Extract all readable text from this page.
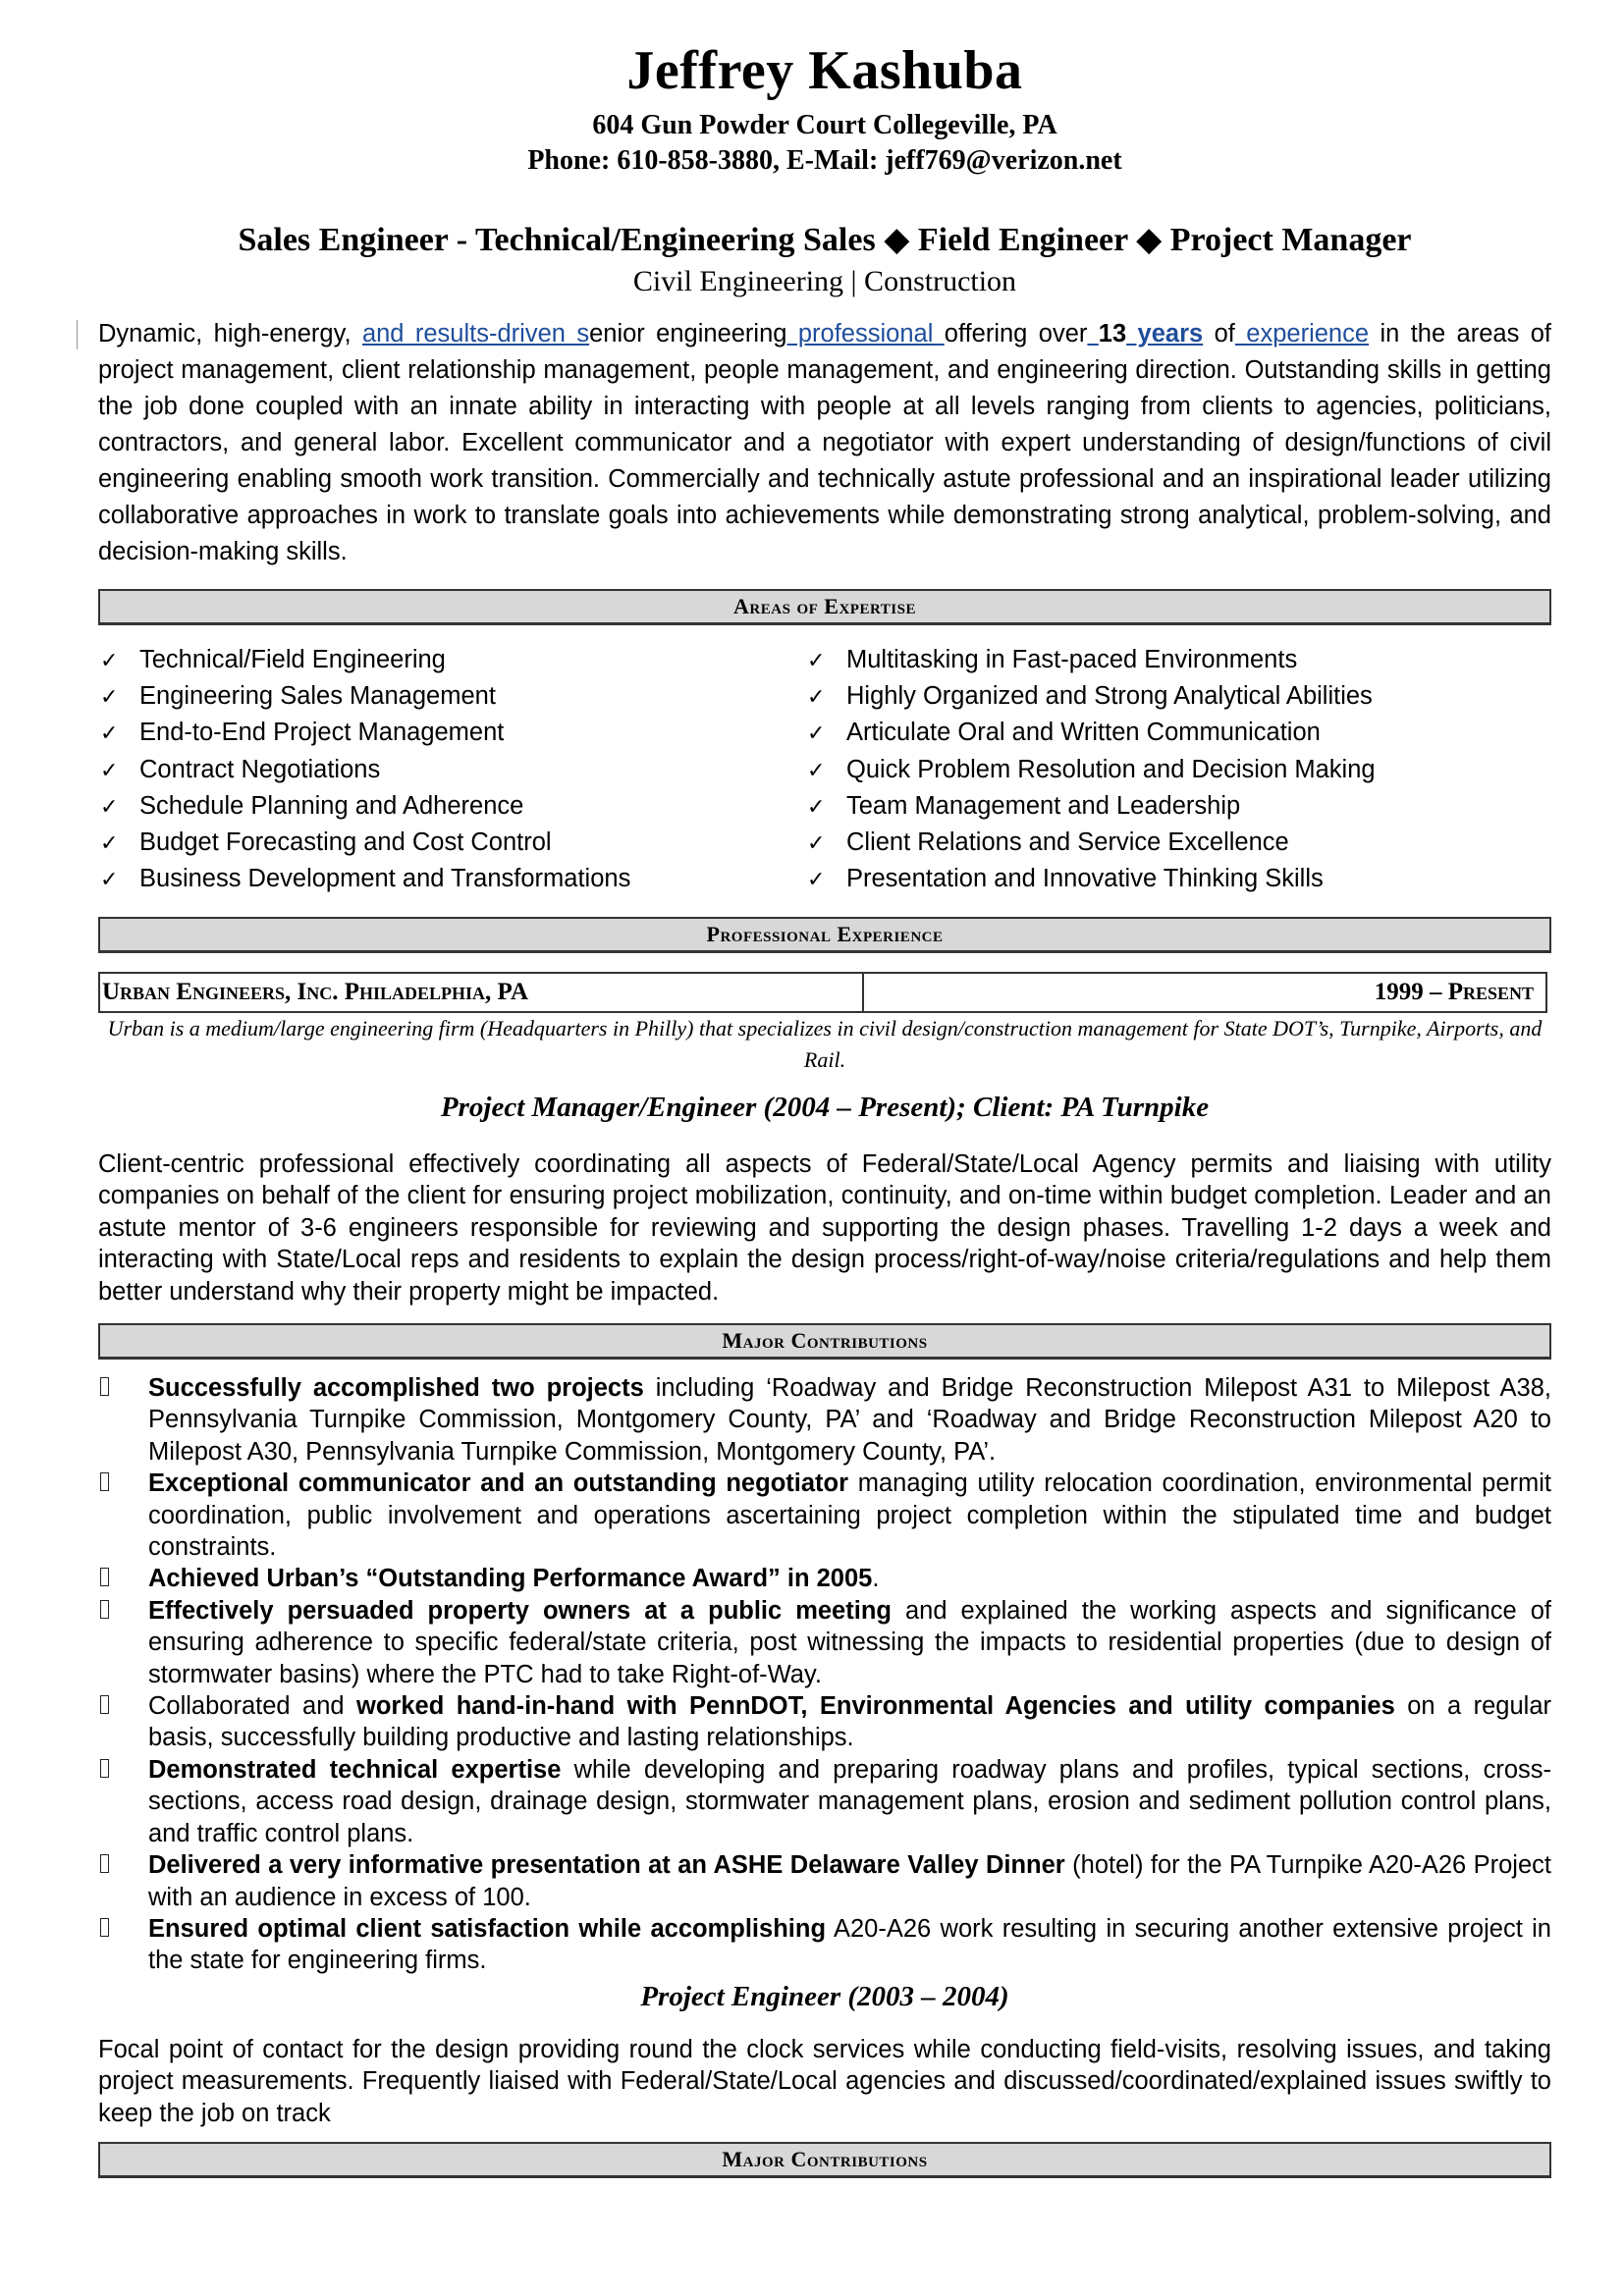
Jeffrey Kashuba
604 Gun Powder Court Collegeville, PA
Phone: 610-858-3880, E-Mail: jeff769@verizon.net
Sales Engineer - Technical/Engineering Sales ◆ Field Engineer ◆ Project Manager
Civil Engineering | Construction
Dynamic, high-energy, and results-driven senior engineering professional offering over 13 years of experience in the areas of project management, client relationship management, people management, and engineering direction. Outstanding skills in getting the job done coupled with an innate ability in interacting with people at all levels ranging from clients to agencies, politicians, contractors, and general labor. Excellent communicator and a negotiator with expert understanding of design/functions of civil engineering enabling smooth work transition. Commercially and technically astute professional and an inspirational leader utilizing collaborative approaches in work to translate goals into achievements while demonstrating strong analytical, problem-solving, and decision-making skills.
Areas of Expertise
✓ Technical/Field Engineering
✓ Engineering Sales Management
✓ End-to-End Project Management
✓ Contract Negotiations
✓ Schedule Planning and Adherence
✓ Budget Forecasting and Cost Control
✓ Business Development and Transformations
✓ Multitasking in Fast-paced Environments
✓ Highly Organized and Strong Analytical Abilities
✓ Articulate Oral and Written Communication
✓ Quick Problem Resolution and Decision Making
✓ Team Management and Leadership
✓ Client Relations and Service Excellence
✓ Presentation and Innovative Thinking Skills
Professional Experience
Urban Engineers, Inc. Philadelphia, PA	1999 – Present
Urban is a medium/large engineering firm (Headquarters in Philly) that specializes in civil design/construction management for State DOT’s, Turnpike, Airports, and Rail.
Project Manager/Engineer (2004 – Present); Client: PA Turnpike
Client-centric professional effectively coordinating all aspects of Federal/State/Local Agency permits and liaising with utility companies on behalf of the client for ensuring project mobilization, continuity, and on-time within budget completion. Leader and an astute mentor of 3-6 engineers responsible for reviewing and supporting the design phases. Travelling 1-2 days a week and interacting with State/Local reps and residents to explain the design process/right-of-way/noise criteria/regulations and help them better understand why their property might be impacted.
Major Contributions
Successfully accomplished two projects including ‘Roadway and Bridge Reconstruction Milepost A31 to Milepost A38, Pennsylvania Turnpike Commission, Montgomery County, PA’ and ‘Roadway and Bridge Reconstruction Milepost A20 to Milepost A30, Pennsylvania Turnpike Commission, Montgomery County, PA’.
Exceptional communicator and an outstanding negotiator managing utility relocation coordination, environmental permit coordination, public involvement and operations ascertaining project completion within the stipulated time and budget constraints.
Achieved Urban’s “Outstanding Performance Award” in 2005.
Effectively persuaded property owners at a public meeting and explained the working aspects and significance of ensuring adherence to specific federal/state criteria, post witnessing the impacts to residential properties (due to design of stormwater basins) where the PTC had to take Right-of-Way.
Collaborated and worked hand-in-hand with PennDOT, Environmental Agencies and utility companies on a regular basis, successfully building productive and lasting relationships.
Demonstrated technical expertise while developing and preparing roadway plans and profiles, typical sections, cross-sections, access road design, drainage design, stormwater management plans, erosion and sediment pollution control plans, and traffic control plans.
Delivered a very informative presentation at an ASHE Delaware Valley Dinner (hotel) for the PA Turnpike A20-A26 Project with an audience in excess of 100.
Ensured optimal client satisfaction while accomplishing A20-A26 work resulting in securing another extensive project in the state for engineering firms.
Project Engineer (2003 – 2004)
Focal point of contact for the design providing round the clock services while conducting field-visits, resolving issues, and taking project measurements. Frequently liaised with Federal/State/Local agencies and discussed/coordinated/explained issues swiftly to keep the job on track
Major Contributions
